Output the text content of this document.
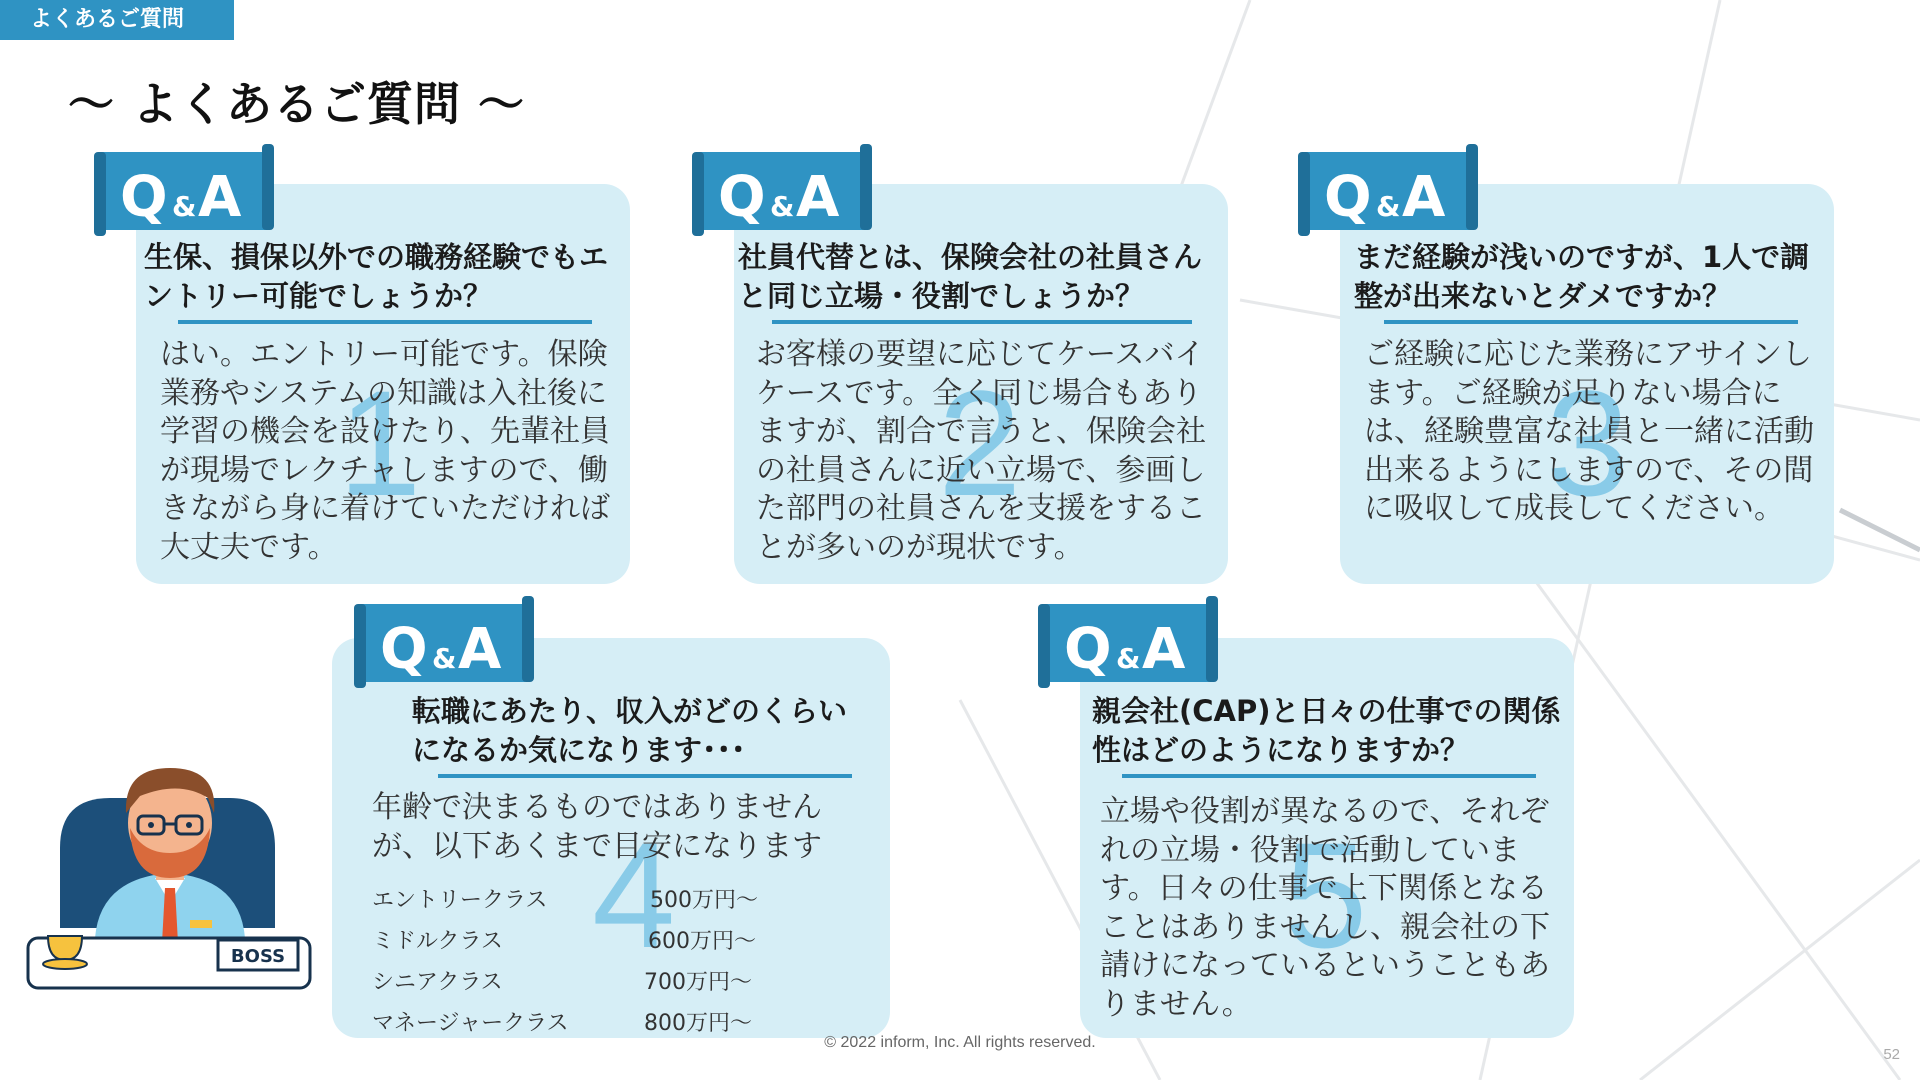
よくあるご質問
～ よくあるご質問 ～
Q & A
1
生保、損保以外での職務経験でもエントリー可能でしょうか？
はい。エントリー可能です。保険業務やシステムの知識は入社後に学習の機会を設けたり、先輩社員が現場でレクチャしますので、働きながら身に着けていただければ大丈夫です。
Q & A
2
社員代替とは、保険会社の社員さんと同じ立場・役割でしょうか？
お客様の要望に応じてケースバイケースです。全く同じ場合もありますが、割合で言うと、保険会社の社員さんに近い立場で、参画した部門の社員さんを支援をすることが多いのが現状です。
Q & A
3
まだ経験が浅いのですが、1人で調整が出来ないとダメですか？
ご経験に応じた業務にアサインします。ご経験が足りない場合には、経験豊富な社員と一緒に活動出来るようにしますので、その間に吸収して成長してください。
Q & A
4
転職にあたり、収入がどのくらいになるか気になります･･･
年齢で決まるものではありませんが、以下あくまで目安になります
エントリークラス	500万円～
ミドルクラス	600万円～
シニアクラス	700万円～
マネージャークラス	800万円～
Q & A
5
親会社(CAP)と日々の仕事での関係性はどのようになりますか？
立場や役割が異なるので、それぞれの立場・役割で活動しています。日々の仕事で上下関係となることはありませんし、親会社の下請けになっているということもありません。
BOSS
© 2022 inform, Inc. All rights reserved.
52
